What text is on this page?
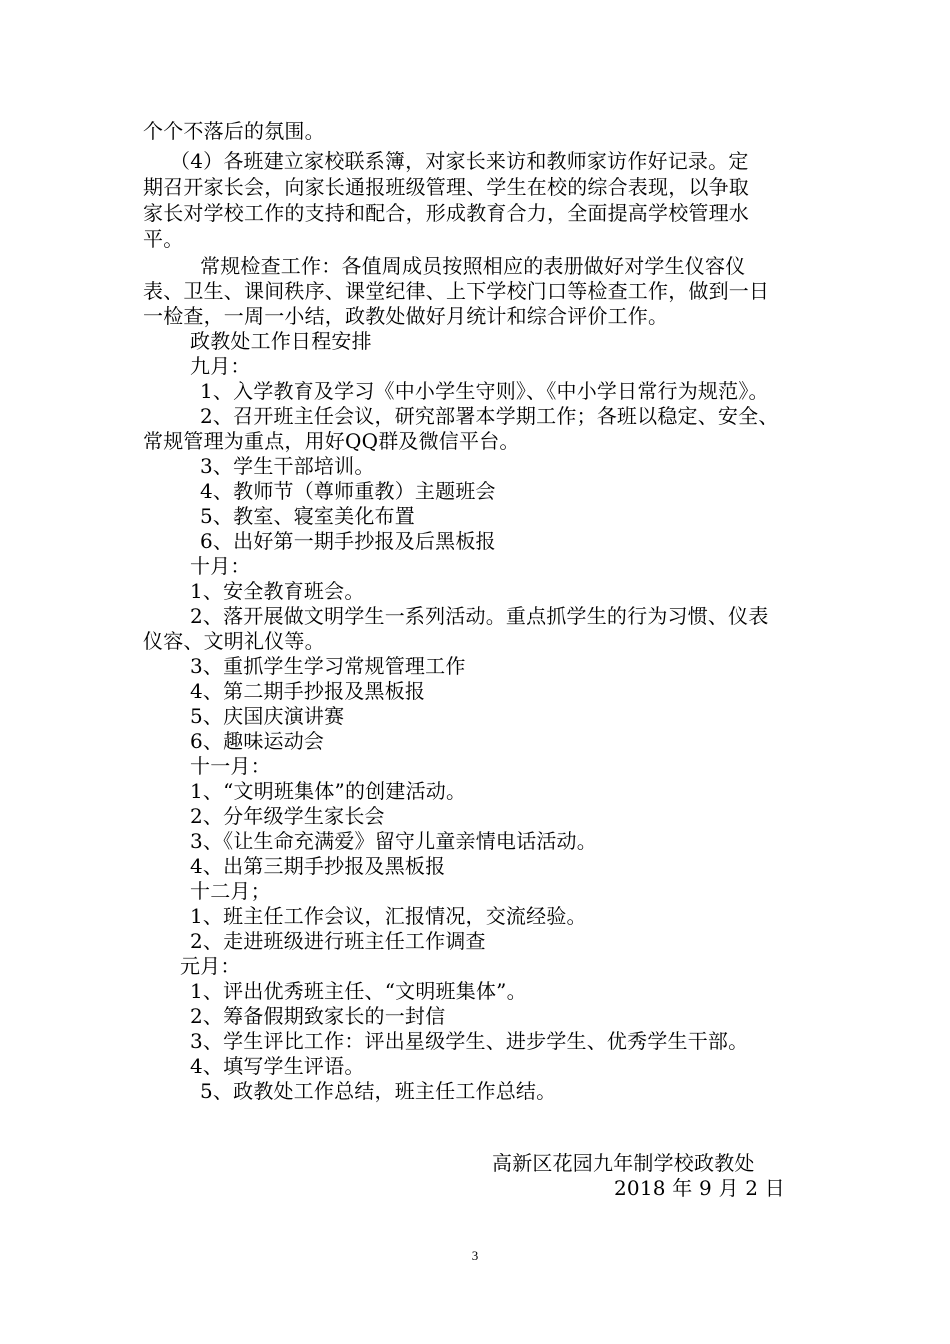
个个不落后的氛围。
（4）各班建立家校联系簿，对家长来访和教师家访作好记录。定
期召开家长会，向家长通报班级管理、学生在校的综合表现，以争取
家长对学校工作的支持和配合，形成教育合力，全面提高学校管理水
平。
常规检查工作：各值周成员按照相应的表册做好对学生仪容仪
表、卫生、课间秩序、课堂纪律、上下学校门口等检查工作，做到一日
一检查，一周一小结，政教处做好月统计和综合评价工作。
政教处工作日程安排
九月：
1、入学教育及学习《中小学生守则》、《中小学日常行为规范》。
2、召开班主任会议，研究部署本学期工作；各班以稳定、安全、
常规管理为重点，用好QQ群及微信平台。
3、学生干部培训。
4、教师节（尊师重教）主题班会
5、教室、寝室美化布置
6、出好第一期手抄报及后黑板报
十月：
1、安全教育班会。
2、落开展做文明学生一系列活动。重点抓学生的行为习惯、仪表
仪容、文明礼仪等。
3、重抓学生学习常规管理工作
4、第二期手抄报及黑板报
5、庆国庆演讲赛
6、趣味运动会
十一月：
1、“文明班集体”的创建活动。
2、分年级学生家长会
3、《让生命充满爱》留守儿童亲情电话活动。
4、出第三期手抄报及黑板报
十二月；
1、班主任工作会议，汇报情况，交流经验。
2、走进班级进行班主任工作调查
元月：
1、评出优秀班主任、“文明班集体”。
2、筹备假期致家长的一封信
3、学生评比工作：评出星级学生、进步学生、优秀学生干部。
4、填写学生评语。
5、政教处工作总结，班主任工作总结。
高新区花园九年制学校政教处
2018 年 9 月 2 日
3
